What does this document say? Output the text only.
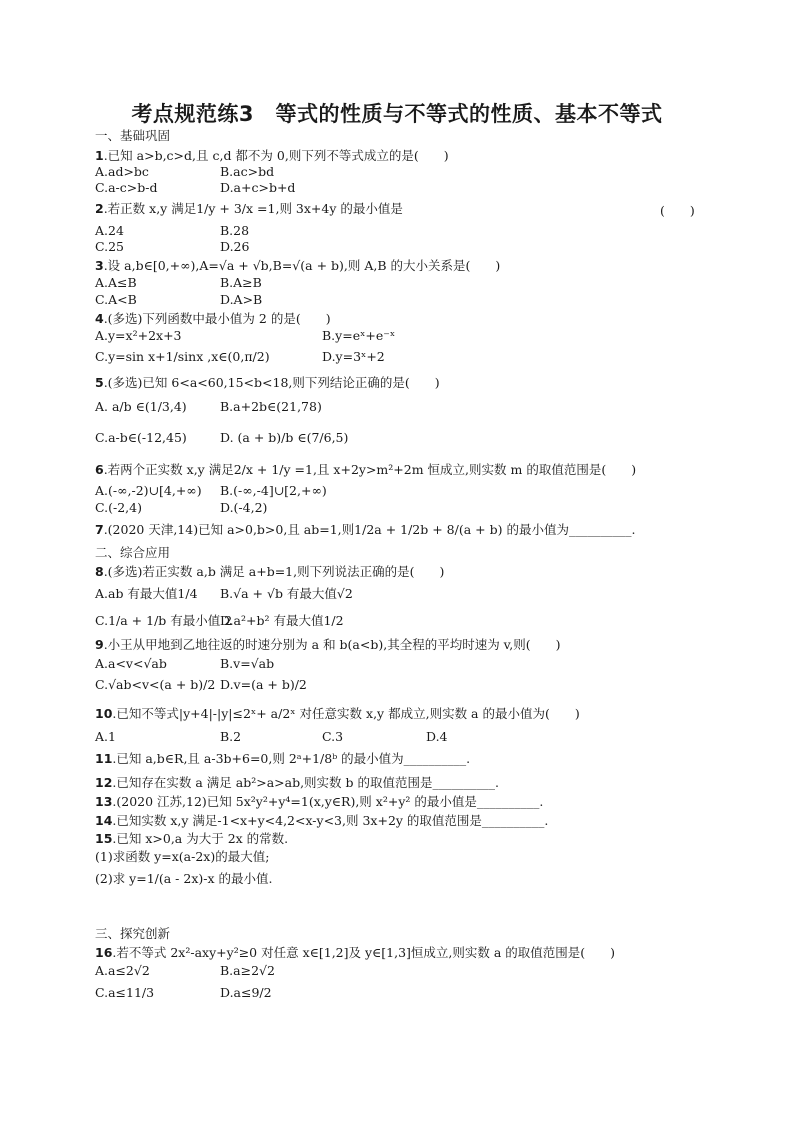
考点规范练3　等式的性质与不等式的性质、基本不等式
一、基础巩固
1.已知 a>b,c>d,且 c,d 都不为 0,则下列不等式成立的是(　　)
A.ad>bc	B.ac>bd
C.a-c>b-d	D.a+c>b+d
2.若正数 x,y 满足1/y + 3/x =1,则 3x+4y 的最小值是	(　　)
A.24	B.28
C.25	D.26
3.设 a,b∈[0,+∞),A=√a + √b,B=√(a + b),则 A,B 的大小关系是(　　)
A.A≤B	B.A≥B
C.A<B	D.A>B
4.(多选)下列函数中最小值为 2 的是(　　)
A.y=x²+2x+3	B.y=eˣ+e⁻ˣ
C.y=sin x+1/sinx ,x∈(0,π/2)	D.y=3ˣ+2
5.(多选)已知 6<a<60,15<b<18,则下列结论正确的是(　　)
A. a/b ∈(1/3,4)	B.a+2b∈(21,78)
C.a-b∈(-12,45)	D. (a + b)/b ∈(7/6,5)
6.若两个正实数 x,y 满足2/x + 1/y =1,且 x+2y>m²+2m 恒成立,则实数 m 的取值范围是(　　)
A.(-∞,-2)∪[4,+∞) B.(-∞,-4]∪[2,+∞)
C.(-2,4)	D.(-4,2)
7.(2020 天津,14)已知 a>0,b>0,且 ab=1,则1/2a + 1/2b + 8/(a + b) 的最小值为__________.
二、综合应用
8.(多选)若正实数 a,b 满足 a+b=1,则下列说法正确的是(　　)
A.ab 有最大值1/4 B.√a + √b 有最大值√2
C.1/a + 1/b 有最小值 2
D.a²+b² 有最大值1/2
9.小王从甲地到乙地往返的时速分别为 a 和 b(a<b),其全程的平均时速为 v,则(　　)
A.a<v<√ab	B.v=√ab
C.√ab<v<(a + b)/2 D.v=(a + b)/2
10.已知不等式|y+4|-|y|≤2ˣ+ a/2ˣ 对任意实数 x,y 都成立,则实数 a 的最小值为(　　)
A.1	B.2	C.3	D.4
11.已知 a,b∈R,且 a-3b+6=0,则 2ᵃ+1/8ᵇ 的最小值为__________.
12.已知存在实数 a 满足 ab²>a>ab,则实数 b 的取值范围是__________.
13.(2020 江苏,12)已知 5x²y²+y⁴=1(x,y∈R),则 x²+y² 的最小值是__________.
14.已知实数 x,y 满足-1<x+y<4,2<x-y<3,则 3x+2y 的取值范围是__________.
15.已知 x>0,a 为大于 2x 的常数.
(1)求函数 y=x(a-2x)的最大值;
(2)求 y=1/(a - 2x)-x 的最小值.
三、探究创新
16.若不等式 2x²-axy+y²≥0 对任意 x∈[1,2]及 y∈[1,3]恒成立,则实数 a 的取值范围是(　　)
A.a≤2√2	B.a≥2√2
C.a≤11/3	D.a≤9/2
